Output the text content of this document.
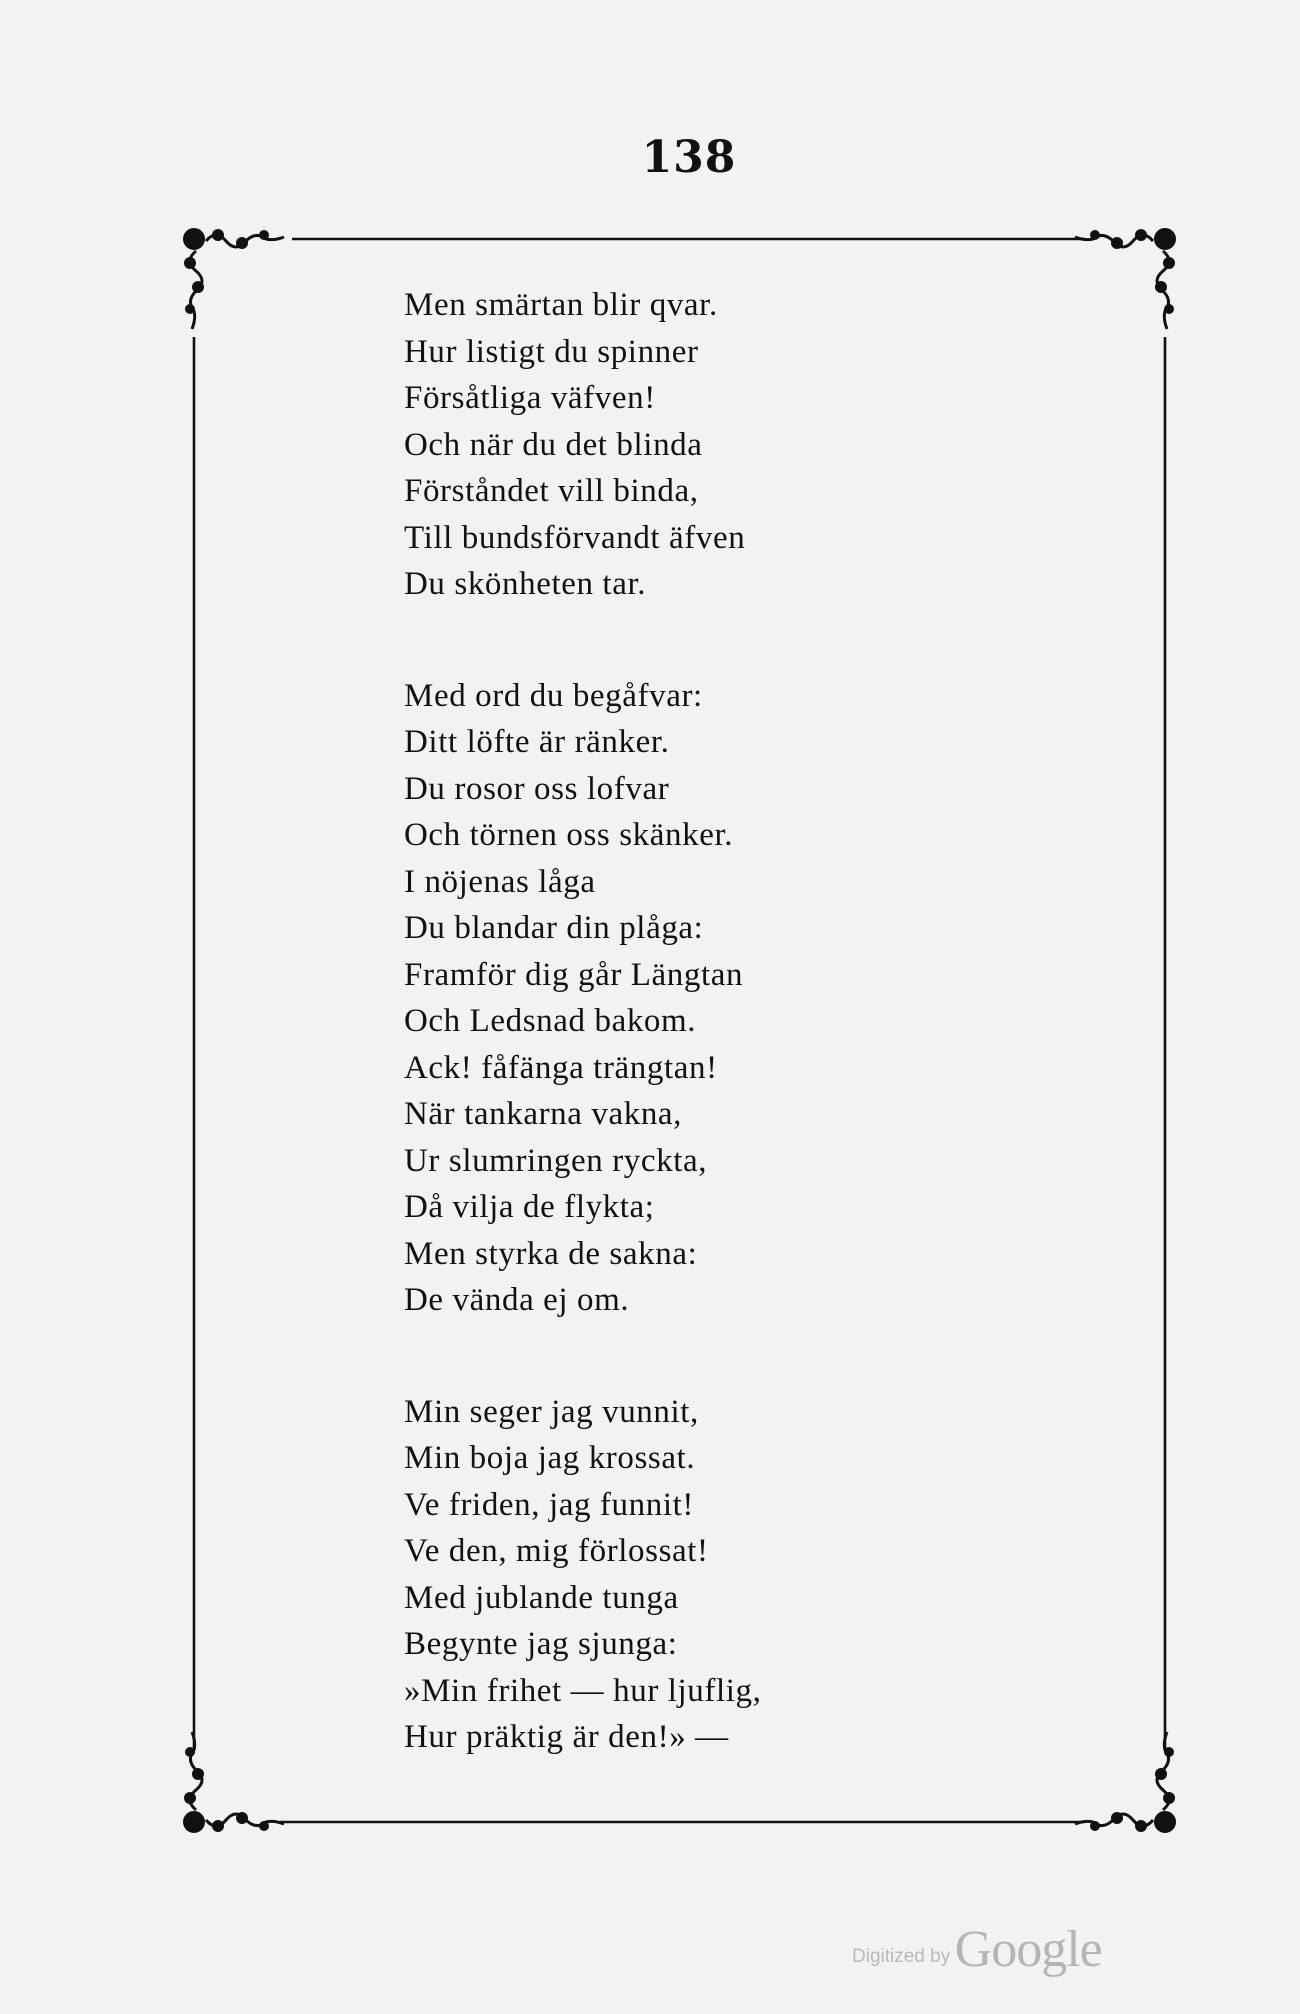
138
Men smärtan blir qvar.
Hur listigt du spinner
Försåtliga väfven!
Och när du det blinda
Förståndet vill binda,
Till bundsförvandt äfven
Du skönheten tar.
Med ord du begåfvar:
Ditt löfte är ränker.
Du rosor oss lofvar
Och törnen oss skänker.
I nöjenas låga
Du blandar din plåga:
Framför dig går Längtan
Och Ledsnad bakom.
Ack! fåfänga trängtan!
När tankarna vakna,
Ur slumringen ryckta,
Då vilja de flykta;
Men styrka de sakna:
De vända ej om.
Min seger jag vunnit,
Min boja jag krossat.
Ve friden, jag funnit!
Ve den, mig förlossat!
Med jublande tunga
Begynte jag sjunga:
»Min frihet — hur ljuflig,
Hur präktig är den!» —
Digitized by Google
